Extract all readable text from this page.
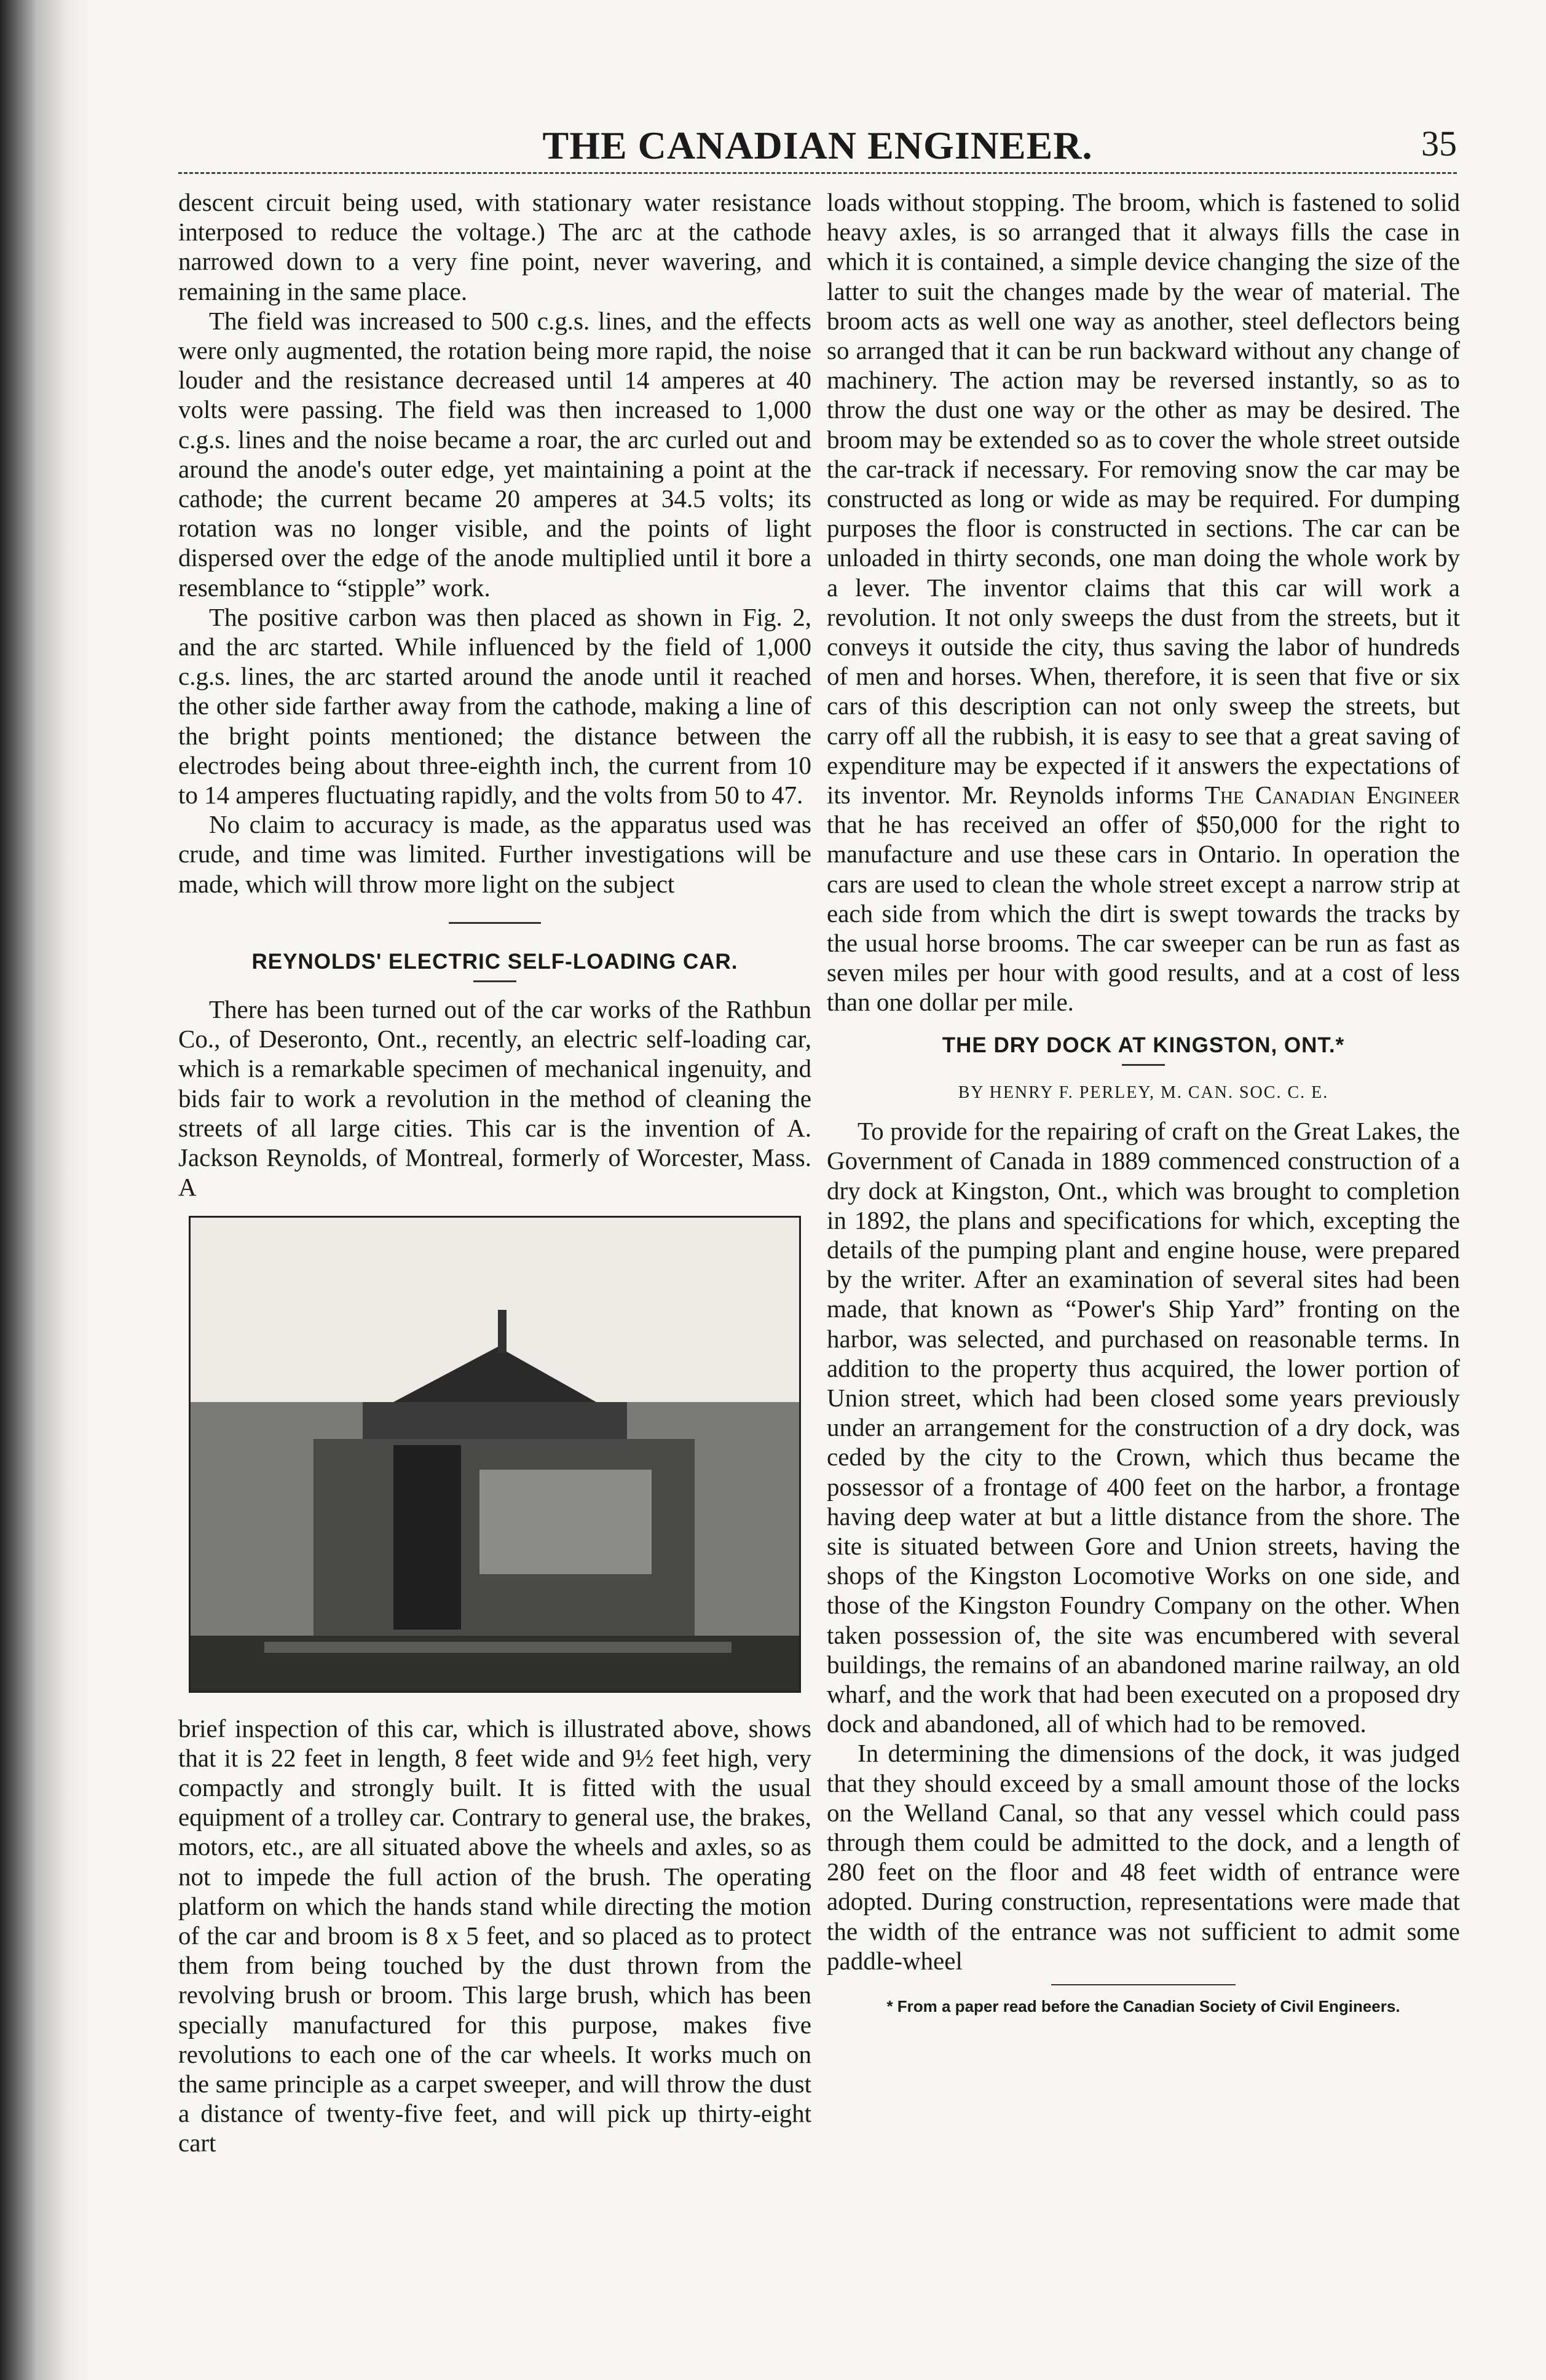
THE CANADIAN ENGINEER.	35

descent circuit being used, with stationary water resistance interposed to reduce the voltage.) The arc at the cathode narrowed down to a very fine point, never wavering, and remaining in the same place.

The field was increased to 500 c.g.s. lines, and the effects were only augmented, the rotation being more rapid, the noise louder and the resistance decreased until 14 amperes at 40 volts were passing. The field was then increased to 1,000 c.g.s. lines and the noise became a roar, the arc curled out and around the anode's outer edge, yet maintaining a point at the cathode; the current became 20 amperes at 34.5 volts; its rotation was no longer visible, and the points of light dispersed over the edge of the anode multiplied until it bore a resemblance to “stipple” work.

The positive carbon was then placed as shown in Fig. 2, and the arc started. While influenced by the field of 1,000 c.g.s. lines, the arc started around the anode until it reached the other side farther away from the cathode, making a line of the bright points mentioned; the distance between the electrodes being about three-eighth inch, the current from 10 to 14 amperes fluctuating rapidly, and the volts from 50 to 47.

No claim to accuracy is made, as the apparatus used was crude, and time was limited. Further investigations will be made, which will throw more light on the subject

REYNOLDS' ELECTRIC SELF-LOADING CAR.

There has been turned out of the car works of the Rathbun Co., of Deseronto, Ont., recently, an electric self-loading car, which is a remarkable specimen of mechanical ingenuity, and bids fair to work a revolution in the method of cleaning the streets of all large cities. This car is the invention of A. Jackson Reynolds, of Montreal, formerly of Worcester, Mass. A

brief inspection of this car, which is illustrated above, shows that it is 22 feet in length, 8 feet wide and 9½ feet high, very compactly and strongly built. It is fitted with the usual equipment of a trolley car. Contrary to general use, the brakes, motors, etc., are all situated above the wheels and axles, so as not to impede the full action of the brush. The operating platform on which the hands stand while directing the motion of the car and broom is 8 x 5 feet, and so placed as to protect them from being touched by the dust thrown from the revolving brush or broom. This large brush, which has been specially manufactured for this purpose, makes five revolutions to each one of the car wheels. It works much on the same principle as a carpet sweeper, and will throw the dust a distance of twenty-five feet, and will pick up thirty-eight cart

loads without stopping. The broom, which is fastened to solid heavy axles, is so arranged that it always fills the case in which it is contained, a simple device changing the size of the latter to suit the changes made by the wear of material. The broom acts as well one way as another, steel deflectors being so arranged that it can be run backward without any change of machinery. The action may be reversed instantly, so as to throw the dust one way or the other as may be desired. The broom may be extended so as to cover the whole street outside the car-track if necessary. For removing snow the car may be constructed as long or wide as may be required. For dumping purposes the floor is constructed in sections. The car can be unloaded in thirty seconds, one man doing the whole work by a lever. The inventor claims that this car will work a revolution. It not only sweeps the dust from the streets, but it conveys it outside the city, thus saving the labor of hundreds of men and horses. When, therefore, it is seen that five or six cars of this description can not only sweep the streets, but carry off all the rubbish, it is easy to see that a great saving of expenditure may be expected if it answers the expectations of its inventor. Mr. Reynolds informs The Canadian Engineer that he has received an offer of $50,000 for the right to manufacture and use these cars in Ontario. In operation the cars are used to clean the whole street except a narrow strip at each side from which the dirt is swept towards the tracks by the usual horse brooms. The car sweeper can be run as fast as seven miles per hour with good results, and at a cost of less than one dollar per mile.

THE DRY DOCK AT KINGSTON, ONT.*
BY HENRY F. PERLEY, M. CAN. SOC. C. E.

To provide for the repairing of craft on the Great Lakes, the Government of Canada in 1889 commenced construction of a dry dock at Kingston, Ont., which was brought to completion in 1892, the plans and specifications for which, excepting the details of the pumping plant and engine house, were prepared by the writer. After an examination of several sites had been made, that known as “Power's Ship Yard” fronting on the harbor, was selected, and purchased on reasonable terms. In addition to the property thus acquired, the lower portion of Union street, which had been closed some years previously under an arrangement for the construction of a dry dock, was ceded by the city to the Crown, which thus became the possessor of a frontage of 400 feet on the harbor, a frontage having deep water at but a little distance from the shore. The site is situated between Gore and Union streets, having the shops of the Kingston Locomotive Works on one side, and those of the Kingston Foundry Company on the other. When taken possession of, the site was encumbered with several buildings, the remains of an abandoned marine railway, an old wharf, and the work that had been executed on a proposed dry dock and abandoned, all of which had to be removed.

In determining the dimensions of the dock, it was judged that they should exceed by a small amount those of the locks on the Welland Canal, so that any vessel which could pass through them could be admitted to the dock, and a length of 280 feet on the floor and 48 feet width of entrance were adopted. During construction, representations were made that the width of the entrance was not sufficient to admit some paddle-wheel

* From a paper read before the Canadian Society of Civil Engineers.
